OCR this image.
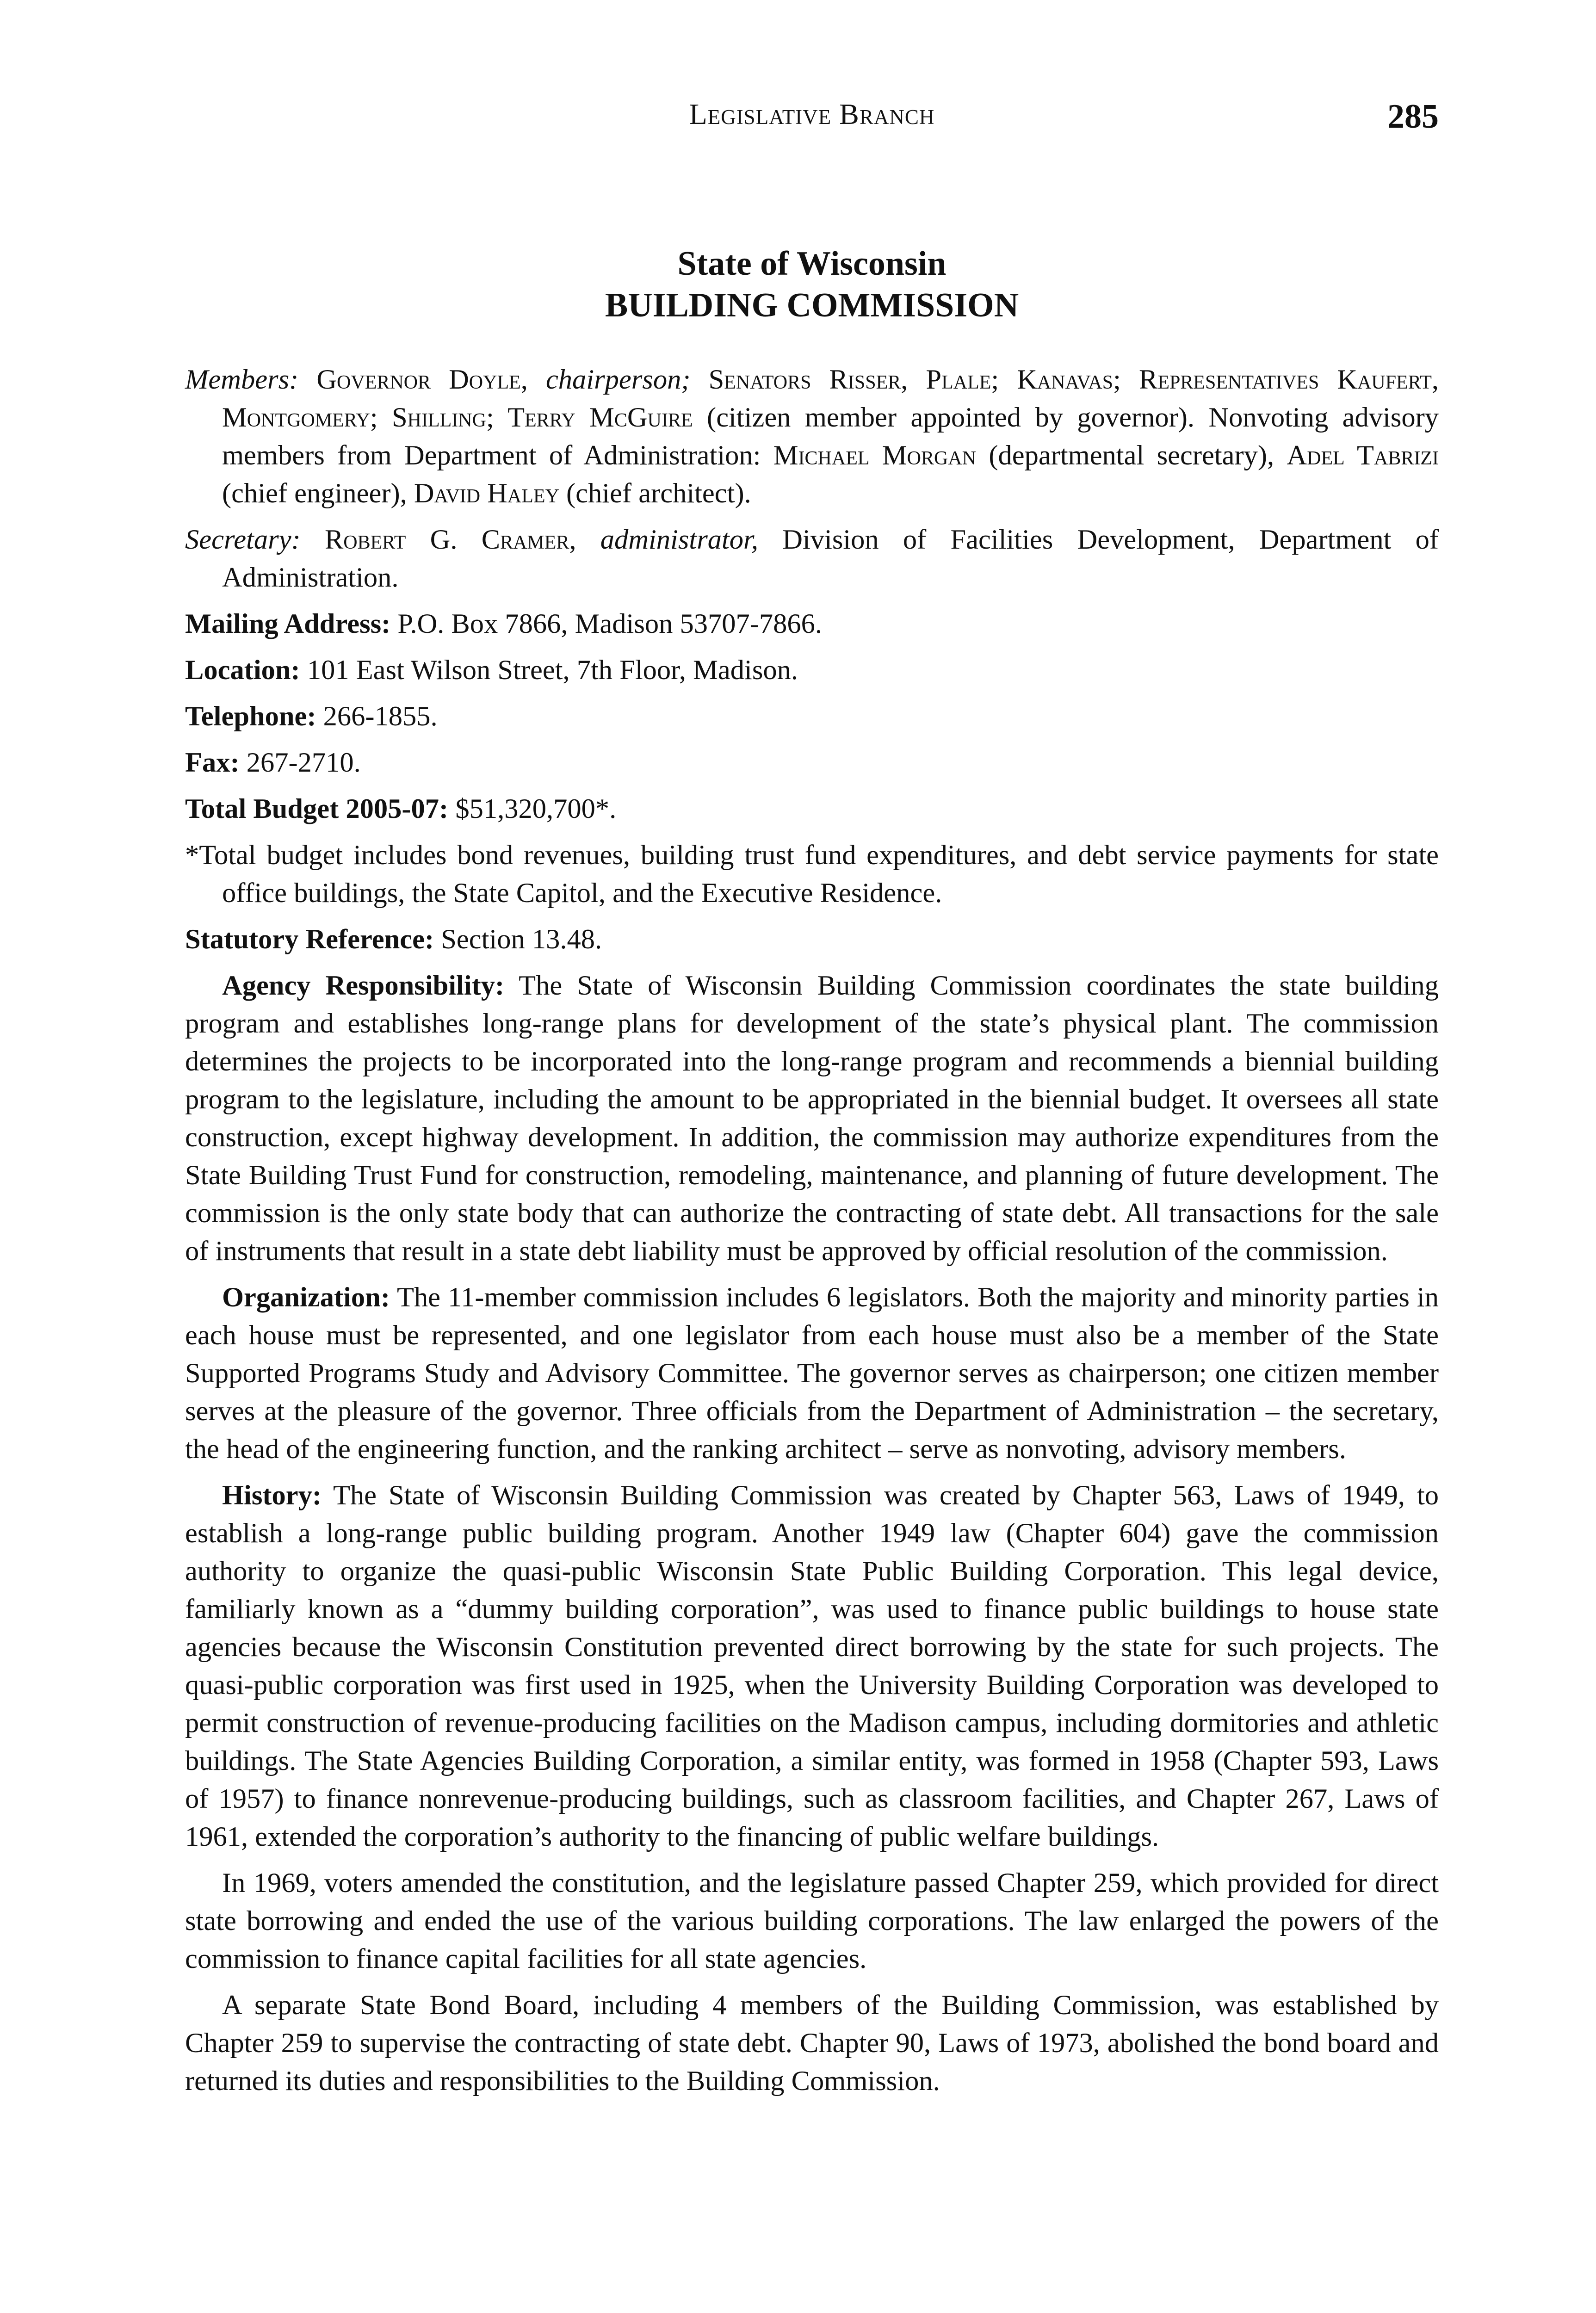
Legislative Branch	285
State of Wisconsin
BUILDING COMMISSION

Members: Governor Doyle, chairperson; Senators Risser, Plale; Kanavas; Representatives Kaufert, Montgomery; Shilling; Terry McGuire (citizen member appointed by governor). Nonvoting advisory members from Department of Administration: Michael Morgan (departmental secretary), Adel Tabrizi (chief engineer), David Haley (chief architect).

Secretary: Robert G. Cramer, administrator, Division of Facilities Development, Department of Administration.

Mailing Address: P.O. Box 7866, Madison 53707-7866.

Location: 101 East Wilson Street, 7th Floor, Madison.

Telephone: 266-1855.

Fax: 267-2710.

Total Budget 2005-07: $51,320,700*.

*Total budget includes bond revenues, building trust fund expenditures, and debt service payments for state office buildings, the State Capitol, and the Executive Residence.

Statutory Reference: Section 13.48.

Agency Responsibility: The State of Wisconsin Building Commission coordinates the state building program and establishes long-range plans for development of the state’s physical plant. The commission determines the projects to be incorporated into the long-range program and recommends a biennial building program to the legislature, including the amount to be appropriated in the biennial budget. It oversees all state construction, except highway development. In addition, the commission may authorize expenditures from the State Building Trust Fund for construction, remodeling, maintenance, and planning of future development. The commission is the only state body that can authorize the contracting of state debt. All transactions for the sale of instruments that result in a state debt liability must be approved by official resolution of the commission.

Organization: The 11-member commission includes 6 legislators. Both the majority and minority parties in each house must be represented, and one legislator from each house must also be a member of the State Supported Programs Study and Advisory Committee. The governor serves as chairperson; one citizen member serves at the pleasure of the governor. Three officials from the Department of Administration – the secretary, the head of the engineering function, and the ranking architect – serve as nonvoting, advisory members.

History: The State of Wisconsin Building Commission was created by Chapter 563, Laws of 1949, to establish a long-range public building program. Another 1949 law (Chapter 604) gave the commission authority to organize the quasi-public Wisconsin State Public Building Corporation. This legal device, familiarly known as a “dummy building corporation”, was used to finance public buildings to house state agencies because the Wisconsin Constitution prevented direct borrowing by the state for such projects. The quasi-public corporation was first used in 1925, when the University Building Corporation was developed to permit construction of revenue-producing facilities on the Madison campus, including dormitories and athletic buildings. The State Agencies Building Corporation, a similar entity, was formed in 1958 (Chapter 593, Laws of 1957) to finance nonrevenue-producing buildings, such as classroom facilities, and Chapter 267, Laws of 1961, extended the corporation’s authority to the financing of public welfare buildings.

In 1969, voters amended the constitution, and the legislature passed Chapter 259, which provided for direct state borrowing and ended the use of the various building corporations. The law enlarged the powers of the commission to finance capital facilities for all state agencies.

A separate State Bond Board, including 4 members of the Building Commission, was established by Chapter 259 to supervise the contracting of state debt. Chapter 90, Laws of 1973, abolished the bond board and returned its duties and responsibilities to the Building Commission.
